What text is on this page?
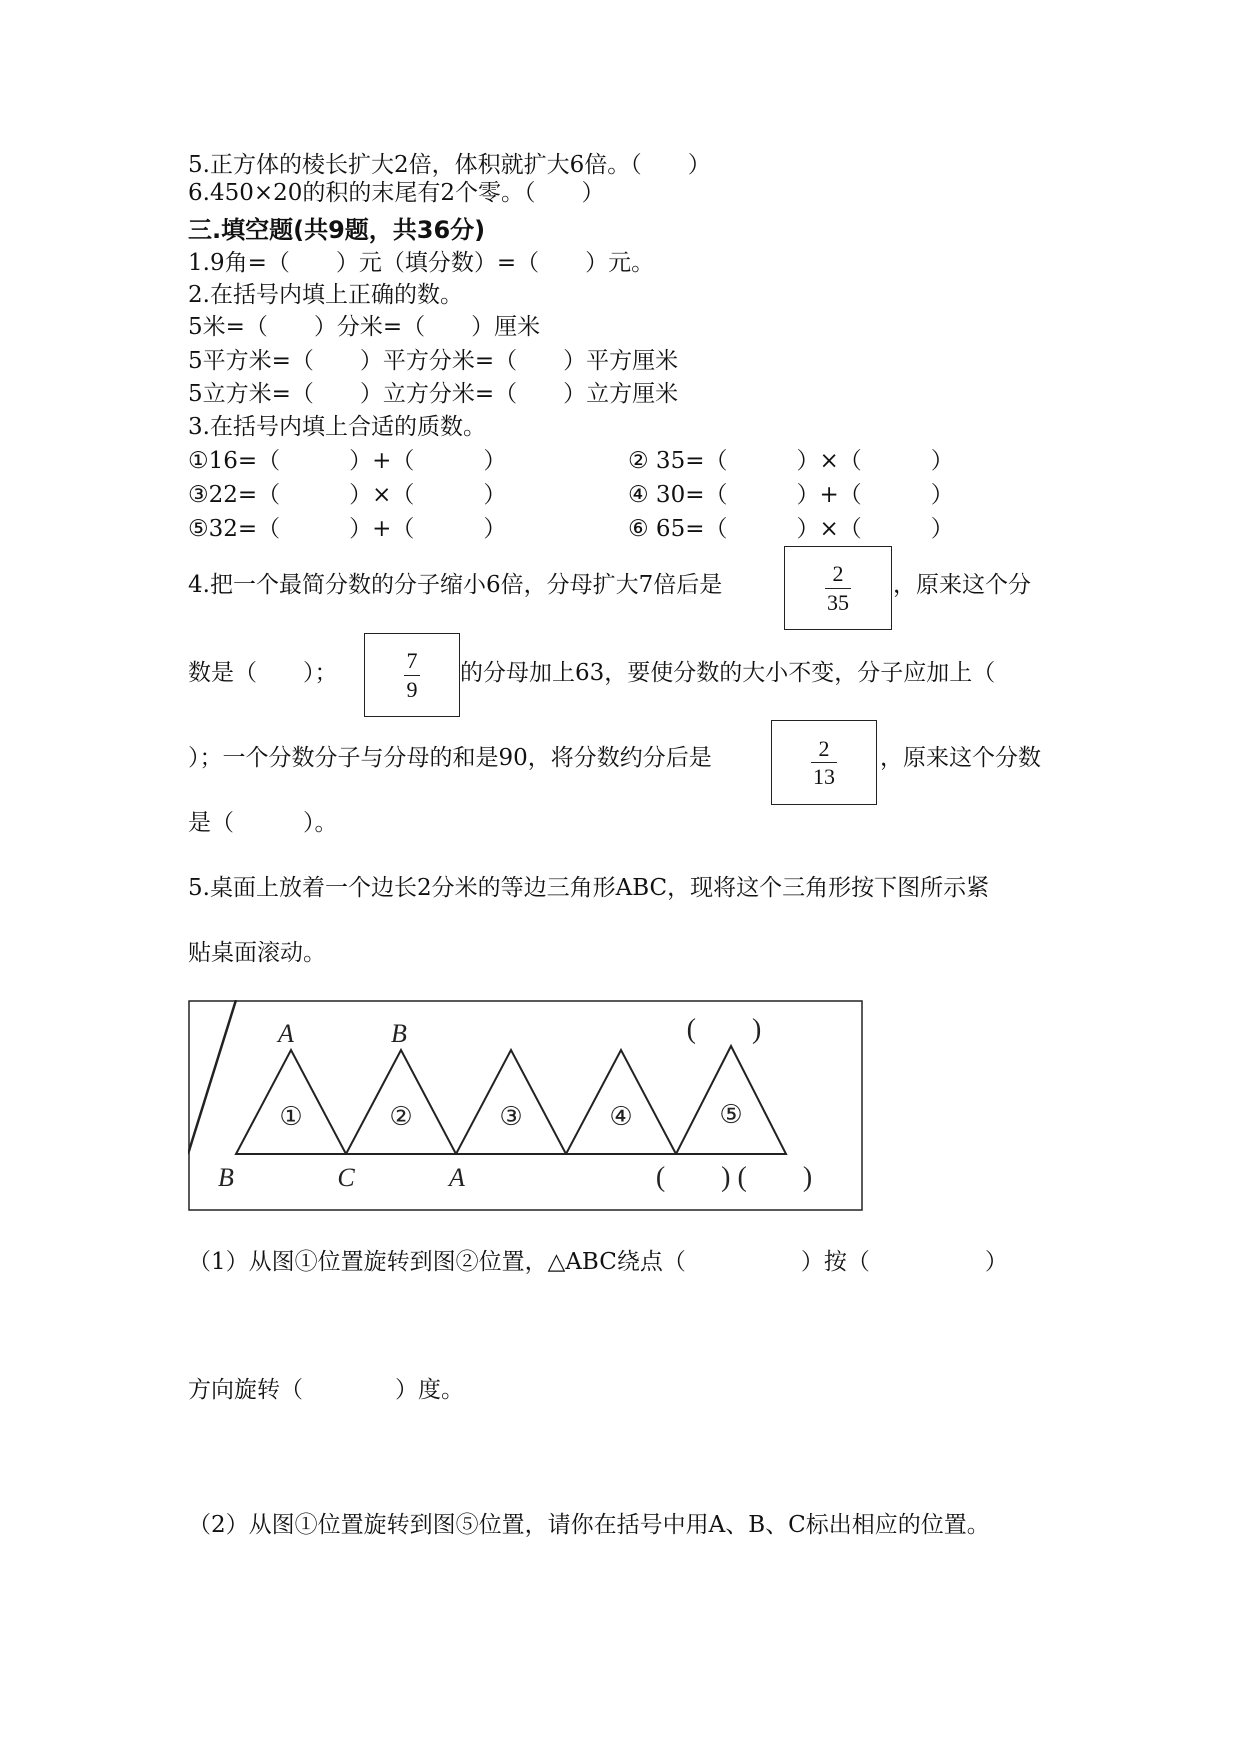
5.正方体的棱长扩大2倍，体积就扩大6倍。（　　）
6.450×20的积的末尾有2个零。（　　）
三.填空题(共9题，共36分)
1.9角=（　　）元（填分数）=（　　）元。
2.在括号内填上正确的数。
5米=（　　）分米=（　　）厘米
5平方米=（　　）平方分米=（　　）平方厘米
5立方米=（　　）立方分米=（　　）立方厘米
3.在括号内填上合适的质数。
①16=（　　　）+（　　　）	② 35=（　　　）×（　　　）
③22=（　　　）×（　　　）	④ 30=（　　　）+（　　　）
⑤32=（　　　）+（　　　）	⑥ 65=（　　　）×（　　　）
4.把一个最简分数的分子缩小6倍，分母扩大7倍后是	2
35
，原来这个分
数是（　　）；	7
9
的分母加上63，要使分数的大小不变，分子应加上（
）；一个分数分子与分母的和是90，将分数约分后是	2
13
，原来这个分数
是（　　　）。
5.桌面上放着一个边长2分米的等边三角形ABC，现将这个三角形按下图所示紧
贴桌面滚动。
①	②	③	④	⑤
A	B
B	C	A
(　　)
(　　) (　　)
（1）从图①位置旋转到图②位置，△ABC绕点（　　　　　）按（　　　　　）
方向旋转（　　　　）度。
（2）从图①位置旋转到图⑤位置，请你在括号中用A、B、C标出相应的位置。
